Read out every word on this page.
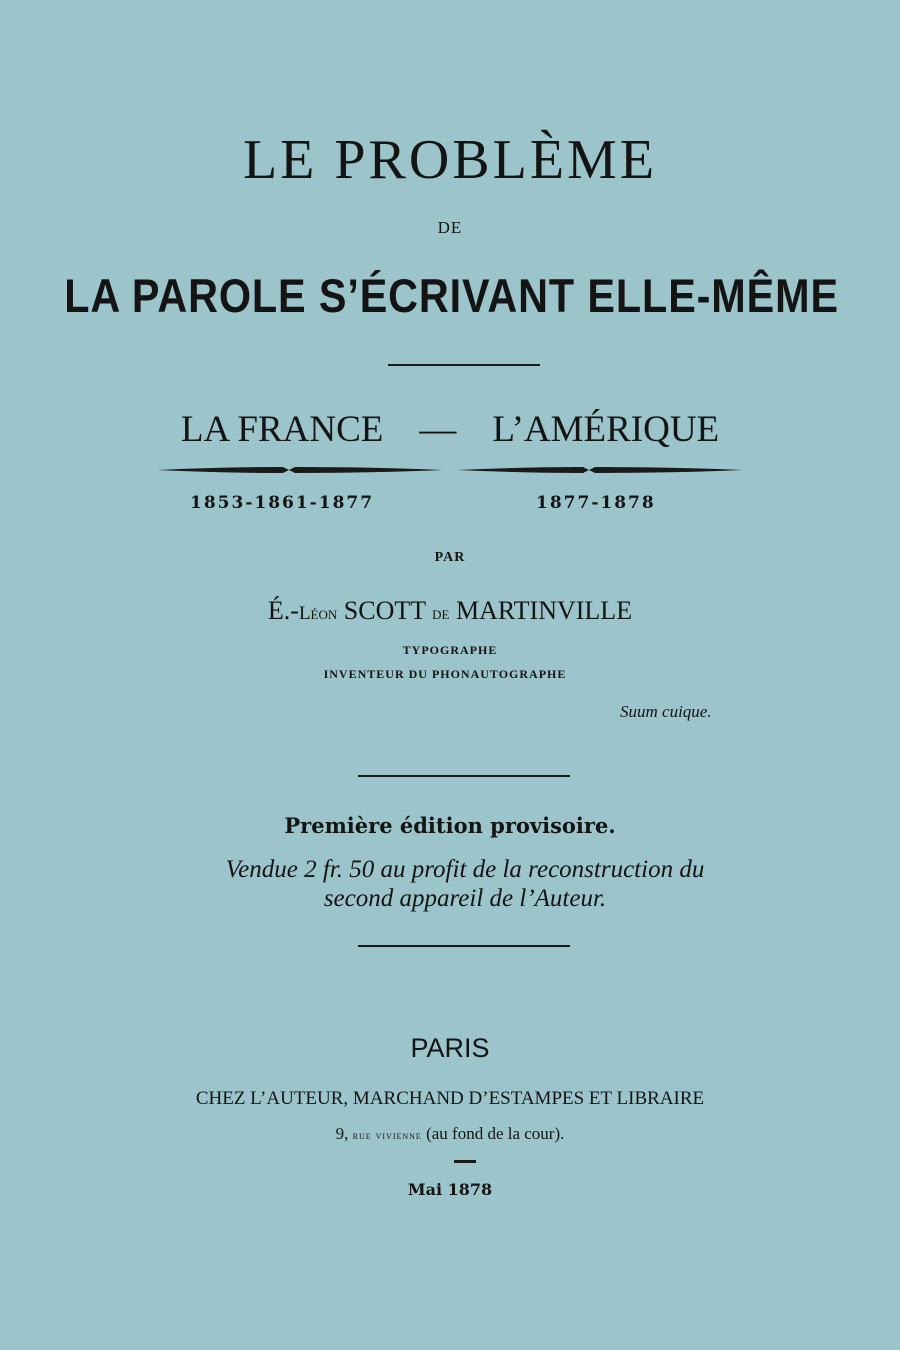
LE PROBLÈME
DE
LA PAROLE S’ÉCRIVANT ELLE-MÊME
LA FRANCE — L’AMÉRIQUE
1853-1861-1877	1877-1878
PAR
É.-Léon SCOTT de MARTINVILLE
TYPOGRAPHE
INVENTEUR DU PHONAUTOGRAPHE
Suum cuique.
Première édition provisoire.
Vendue 2 fr. 50 au profit de la reconstruction du
second appareil de l’Auteur.
PARIS
CHEZ L’AUTEUR, MARCHAND D’ESTAMPES ET LIBRAIRE
9, rue vivienne (au fond de la cour).
Mai 1878
